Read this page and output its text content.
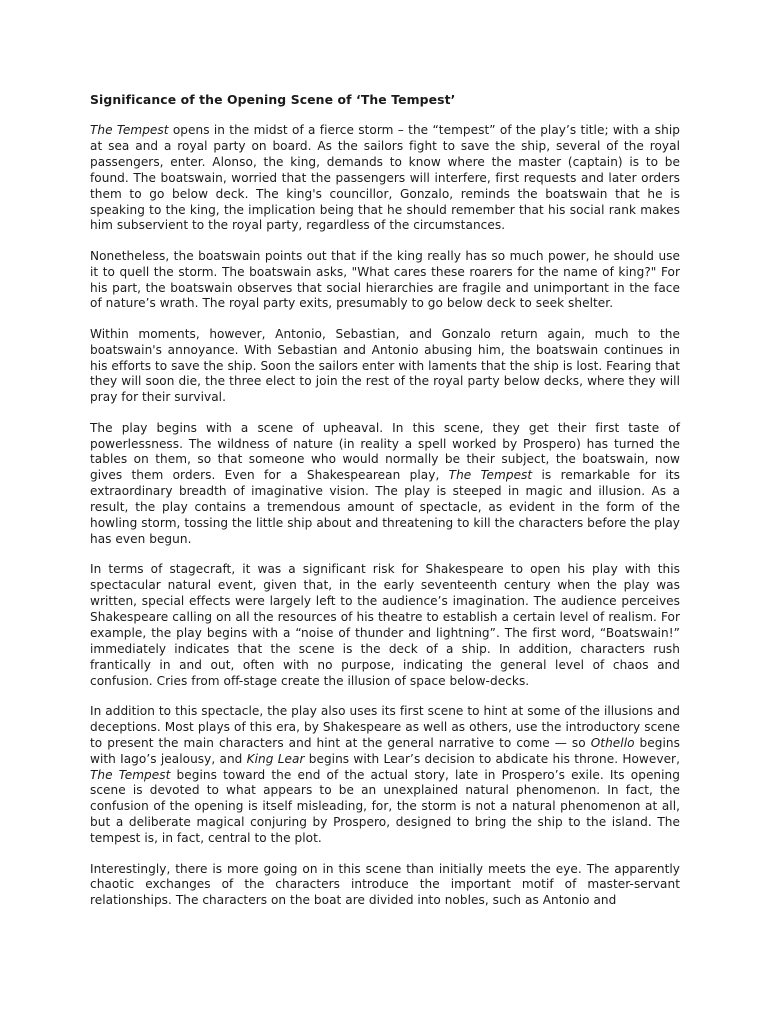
Significance of the Opening Scene of ‘The Tempest’

The Tempest opens in the midst of a fierce storm – the “tempest” of the play’s title; with a ship at sea and a royal party on board. As the sailors fight to save the ship, several of the royal passengers, enter. Alonso, the king, demands to know where the master (captain) is to be found. The boatswain, worried that the passengers will interfere, first requests and later orders them to go below deck. The king's councillor, Gonzalo, reminds the boatswain that he is speaking to the king, the implication being that he should remember that his social rank makes him subservient to the royal party, regardless of the circumstances.

Nonetheless, the boatswain points out that if the king really has so much power, he should use it to quell the storm. The boatswain asks, "What cares these roarers for the name of king?" For his part, the boatswain observes that social hierarchies are fragile and unimportant in the face of nature’s wrath. The royal party exits, presumably to go below deck to seek shelter.

Within moments, however, Antonio, Sebastian, and Gonzalo return again, much to the boatswain's annoyance. With Sebastian and Antonio abusing him, the boatswain continues in his efforts to save the ship. Soon the sailors enter with laments that the ship is lost. Fearing that they will soon die, the three elect to join the rest of the royal party below decks, where they will pray for their survival.

The play begins with a scene of upheaval. In this scene, they get their first taste of powerlessness. The wildness of nature (in reality a spell worked by Prospero) has turned the tables on them, so that someone who would normally be their subject, the boatswain, now gives them orders. Even for a Shakespearean play, The Tempest is remarkable for its extraordinary breadth of imaginative vision. The play is steeped in magic and illusion. As a result, the play contains a tremendous amount of spectacle, as evident in the form of the howling storm, tossing the little ship about and threatening to kill the characters before the play has even begun.

In terms of stagecraft, it was a significant risk for Shakespeare to open his play with this spectacular natural event, given that, in the early seventeenth century when the play was written, special effects were largely left to the audience’s imagination. The audience perceives Shakespeare calling on all the resources of his theatre to establish a certain level of realism. For example, the play begins with a “noise of thunder and lightning”. The first word, “Boatswain!” immediately indicates that the scene is the deck of a ship. In addition, characters rush frantically in and out, often with no purpose, indicating the general level of chaos and confusion. Cries from off-stage create the illusion of space below-decks.

In addition to this spectacle, the play also uses its first scene to hint at some of the illusions and deceptions. Most plays of this era, by Shakespeare as well as others, use the introductory scene to present the main characters and hint at the general narrative to come — so Othello begins with Iago’s jealousy, and King Lear begins with Lear’s decision to abdicate his throne. However, The Tempest begins toward the end of the actual story, late in Prospero’s exile. Its opening scene is devoted to what appears to be an unexplained natural phenomenon. In fact, the confusion of the opening is itself misleading, for, the storm is not a natural phenomenon at all, but a deliberate magical conjuring by Prospero, designed to bring the ship to the island. The tempest is, in fact, central to the plot.

Interestingly, there is more going on in this scene than initially meets the eye. The apparently chaotic exchanges of the characters introduce the important motif of master-servant relationships. The characters on the boat are divided into nobles, such as Antonio and
